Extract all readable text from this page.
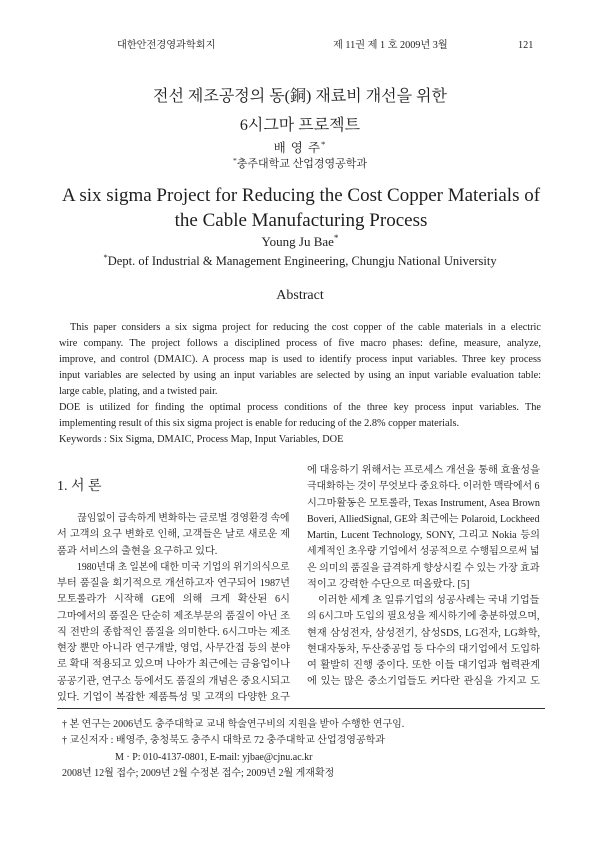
대한안전경영과학회지	제 11권 제 1 호 2009년 3월	121
전선 제조공정의 동(銅) 재료비 개선을 위한
6시그마 프로젝트
배 영 주*
*충주대학교 산업경영공학과
A six sigma Project for Reducing the Cost Copper Materials of
the Cable Manufacturing Process
Young Ju Bae*
*Dept. of Industrial & Management Engineering, Chungju National University
Abstract
This paper considers a six sigma project for reducing the cost copper of the cable materials in a electric
wire company. The project follows a disciplined process of five macro phases: define, measure, analyze,
improve, and control (DMAIC). A process map is used to identify process input variables. Three key process
input variables are selected by using an input variables are selected by using an input variable evaluation table:
large cable, plating, and a twisted pair.
DOE is utilized for finding the optimal process conditions of the three key process input variables. The
implementing result of this six sigma project is enable for reducing of the 2.8% copper materials.
Keywords : Six Sigma, DMAIC, Process Map, Input Variables, DOE
1. 서 론
끊임없이 급속하게 변화하는 글로벌 경영환경 속에
서 고객의 요구 변화로 인해, 고객들은 날로 새로운 제
품과 서비스의 출현을 요구하고 있다.
1980년대 초 일본에 대한 미국 기업의 위기의식으로
부터 품질을 회기적으로 개선하고자 연구되어 1987년
모토롤라가 시작해 GE에 의해 크게 확산된 6시
그마에서의 품질은 단순히 제조부문의 품질이 아닌 조
직 전반의 종합적인 품질을 의미한다. 6시그마는 제조
현장 뿐만 아니라 연구개발, 영업, 사무간접 등의 분야
로 확대 적용되고 있으며 나아가 최근에는 금융업이나
공공기관, 연구소 등에서도 품질의 개념은 중요시되고
있다. 기업이 복잡한 제품특성 및 고객의 다양한 요구
에 대응하기 위해서는 프로세스 개선을 통해 효율성을
극대화하는 것이 무엇보다 중요하다. 이러한 맥락에서 6
시그마활동은 모토롤라, Texas Instrument, Asea Brown
Boveri, AlliedSignal, GE와 최근에는 Polaroid, Lockheed
Martin, Lucent Technology, SONY, 그리고 Nokia 등의
세계적인 초우량 기업에서 성공적으로 수행됨으로써 넓
은 의미의 품질을 급격하게 향상시킬 수 있는 가장 효과
적이고 강력한 수단으로 떠올랐다. [5]
이러한 세계 초 일류기업의 성공사례는 국내 기업들
의 6시그마 도입의 필요성을 제시하기에 충분하였으며,
현재 삼성전자, 삼성전기, 삼성SDS, LG전자, LG화학,
현대자동차, 두산중공업 등 다수의 대기업에서 도입하
여 활발히 진행 중이다. 또한 이들 대기업과 협력관계
에 있는 많은 중소기업들도 커다란 관심을 가지고 도
† 본 연구는 2006년도 충주대학교 교내 학술연구비의 지원을 받아 수행한 연구임.
† 교신저자 : 배영주, 충청북도 충주시 대학로 72 충주대학교 산업경영공학과
M · P: 010-4137-0801, E-mail: yjbae@cjnu.ac.kr
2008년 12월 접수; 2009년 2월 수정본 접수; 2009년 2월 게재확정
